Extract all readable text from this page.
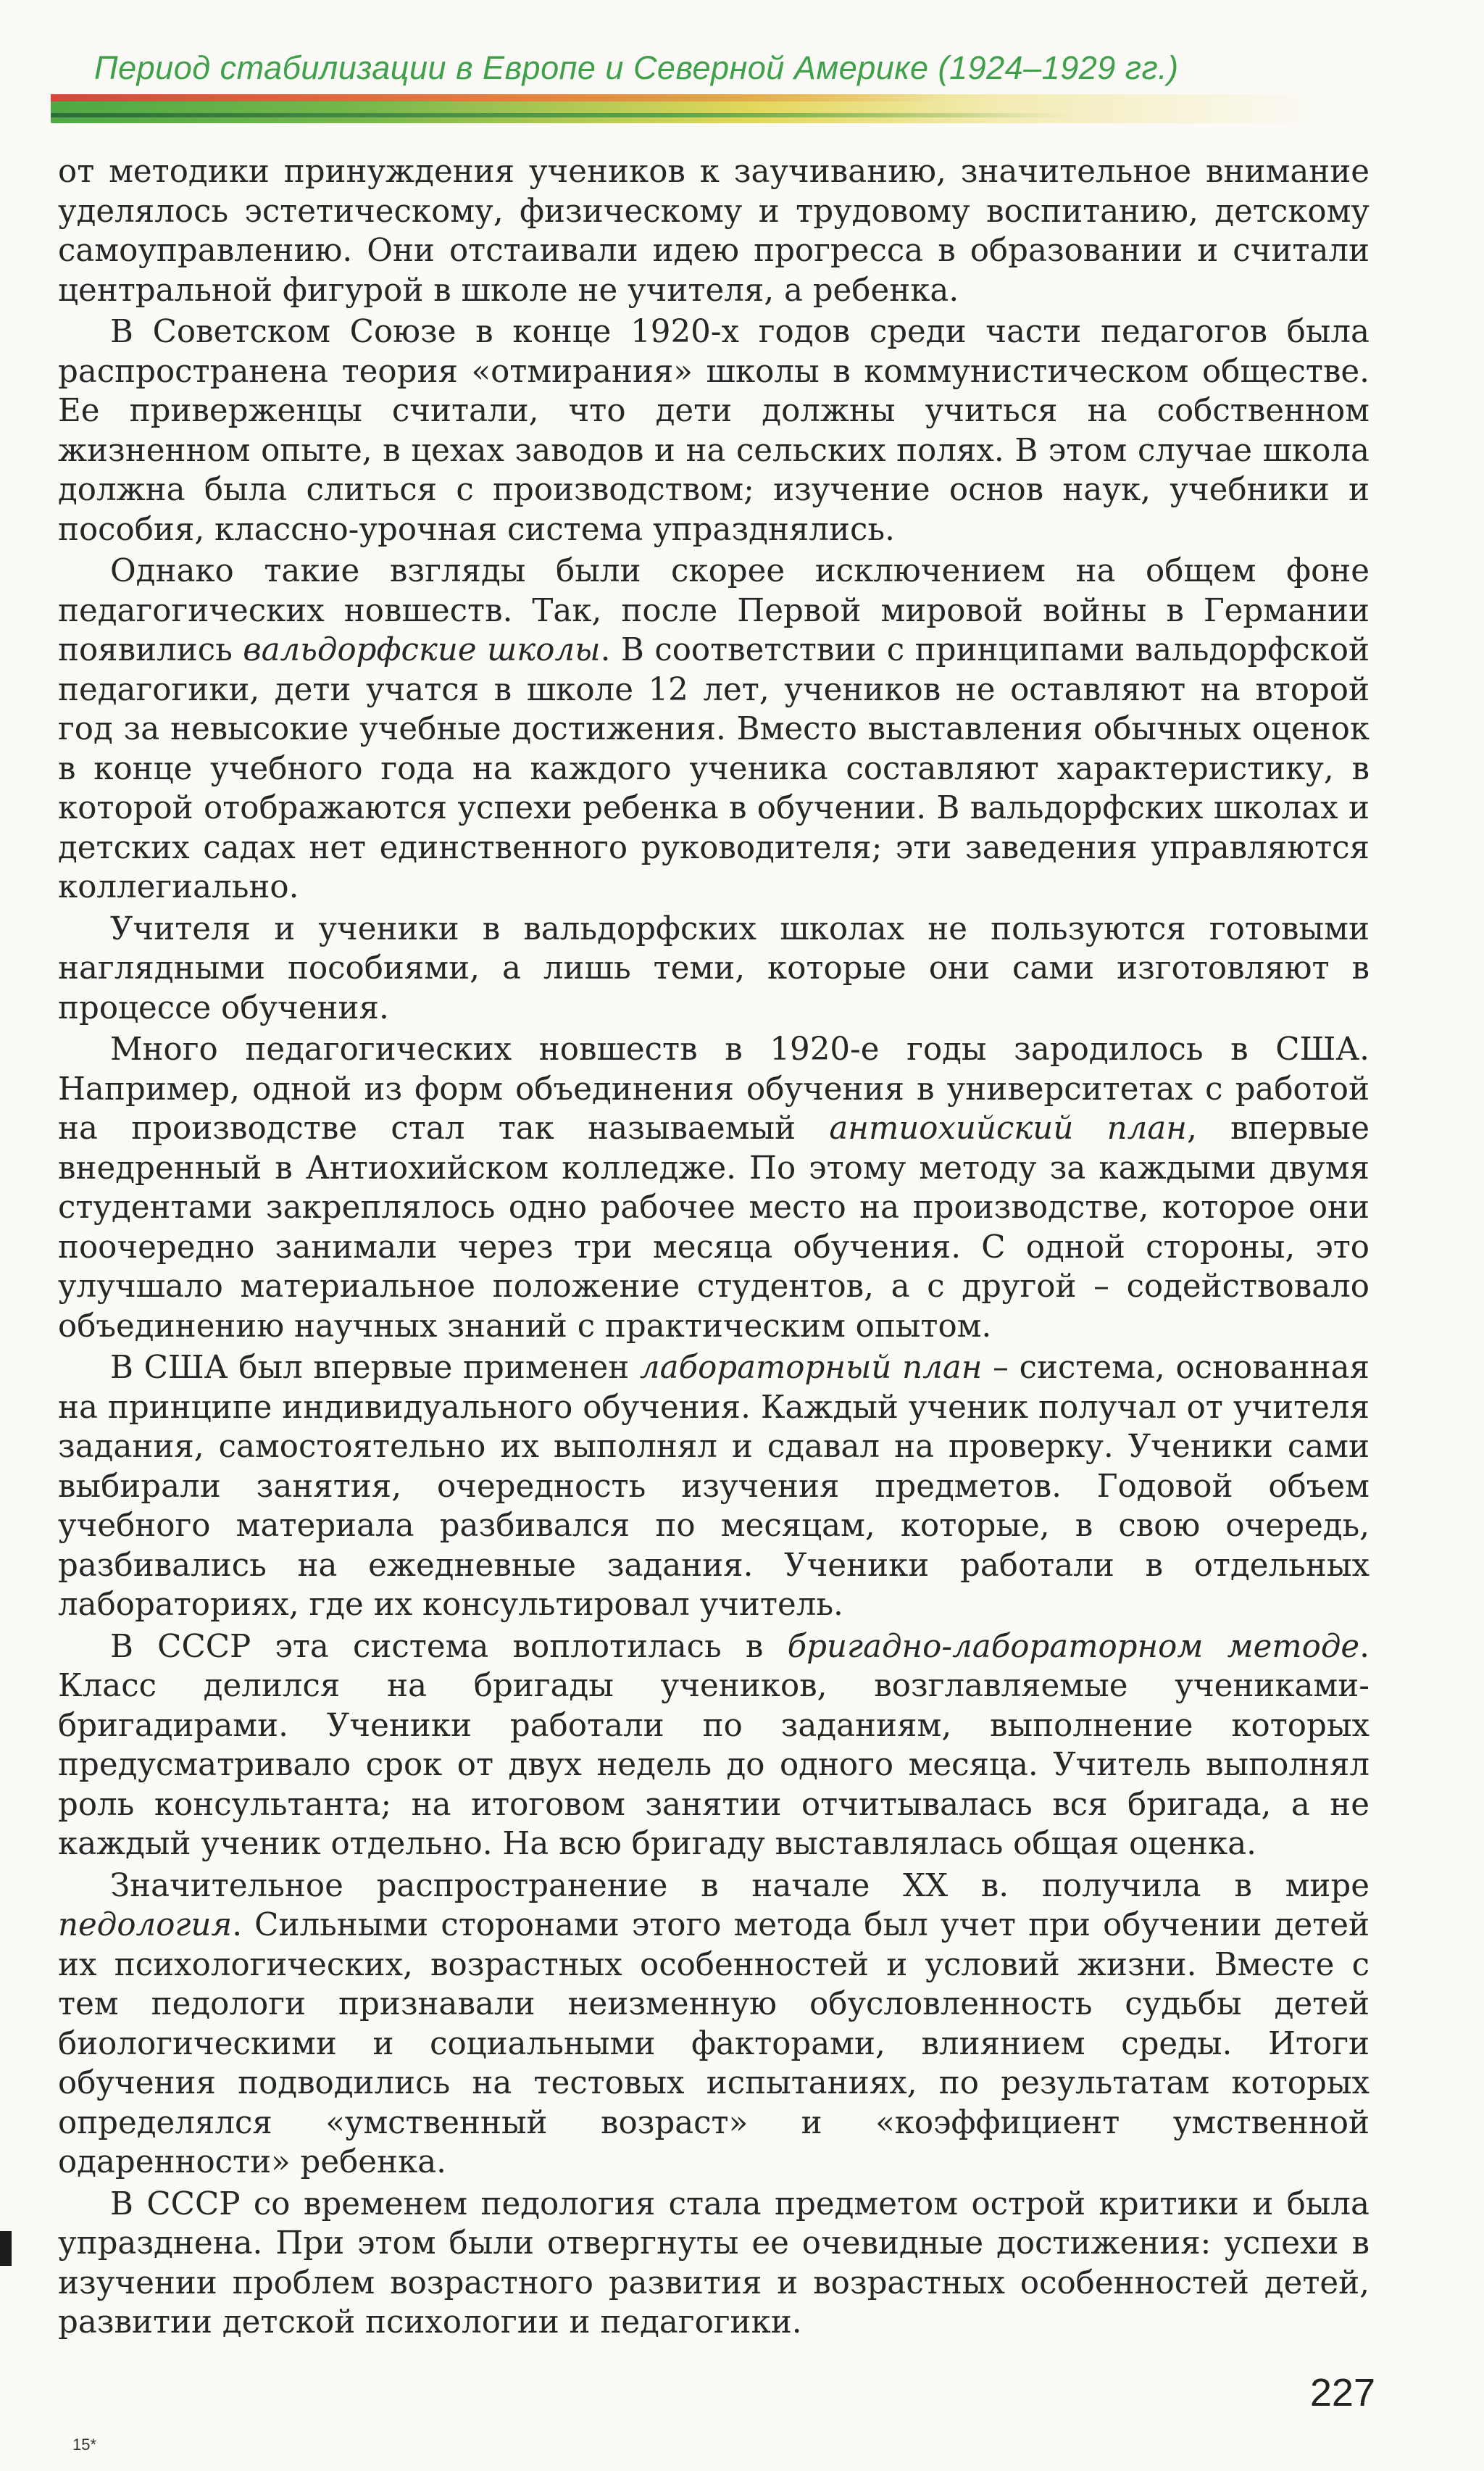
Период стабилизации в Европе и Северной Америке (1924–1929 гг.)

от методики принуждения учеников к заучиванию, значительное внимание уделялось эстетическому, физическому и трудовому воспитанию, детскому самоуправлению. Они отстаивали идею прогресса в образовании и считали центральной фигурой в школе не учителя, а ребенка.

В Советском Союзе в конце 1920-х годов среди части педагогов была распространена теория «отмирания» школы в коммунистическом обществе. Ее приверженцы считали, что дети должны учиться на собственном жизненном опыте, в цехах заводов и на сельских полях. В этом случае школа должна была слиться с производством; изучение основ наук, учебники и пособия, классно-урочная система упразднялись.

Однако такие взгляды были скорее исключением на общем фоне педагогических новшеств. Так, после Первой мировой войны в Германии появились вальдорфские школы. В соответствии с принципами вальдорфской педагогики, дети учатся в школе 12 лет, учеников не оставляют на второй год за невысокие учебные достижения. Вместо выставления обычных оценок в конце учебного года на каждого ученика составляют характеристику, в которой отображаются успехи ребенка в обучении. В вальдорфских школах и детских садах нет единственного руководителя; эти заведения управляются коллегиально.

Учителя и ученики в вальдорфских школах не пользуются готовыми наглядными пособиями, а лишь теми, которые они сами изготовляют в процессе обучения.

Много педагогических новшеств в 1920-е годы зародилось в США. Например, одной из форм объединения обучения в университетах с работой на производстве стал так называемый антиохийский план, впервые внедренный в Антиохийском колледже. По этому методу за каждыми двумя студентами закреплялось одно рабочее место на производстве, которое они поочередно занимали через три месяца обучения. С одной стороны, это улучшало материальное положение студентов, а с другой – содействовало объединению научных знаний с практическим опытом.

В США был впервые применен лабораторный план – система, основанная на принципе индивидуального обучения. Каждый ученик получал от учителя задания, самостоятельно их выполнял и сдавал на проверку. Ученики сами выбирали занятия, очередность изучения предметов. Годовой объем учебного материала разбивался по месяцам, которые, в свою очередь, разбивались на ежедневные задания. Ученики работали в отдельных лабораториях, где их консультировал учитель.

В СССР эта система воплотилась в бригадно-лабораторном методе. Класс делился на бригады учеников, возглавляемые учениками-бригадирами. Ученики работали по заданиям, выполнение которых предусматривало срок от двух недель до одного месяца. Учитель выполнял роль консультанта; на итоговом занятии отчитывалась вся бригада, а не каждый ученик отдельно. На всю бригаду выставлялась общая оценка.

Значительное распространение в начале XX в. получила в мире педология. Сильными сторонами этого метода был учет при обучении детей их психологических, возрастных особенностей и условий жизни. Вместе с тем педологи признавали неизменную обусловленность судьбы детей биологическими и социальными факторами, влиянием среды. Итоги обучения подводились на тестовых испытаниях, по результатам которых определялся «умственный возраст» и «коэффициент умственной одаренности» ребенка.

В СССР со временем педология стала предметом острой критики и была упразднена. При этом были отвергнуты ее очевидные достижения: успехи в изучении проблем возрастного развития и возрастных особенностей детей, развитии детской психологии и педагогики.

15*
227
